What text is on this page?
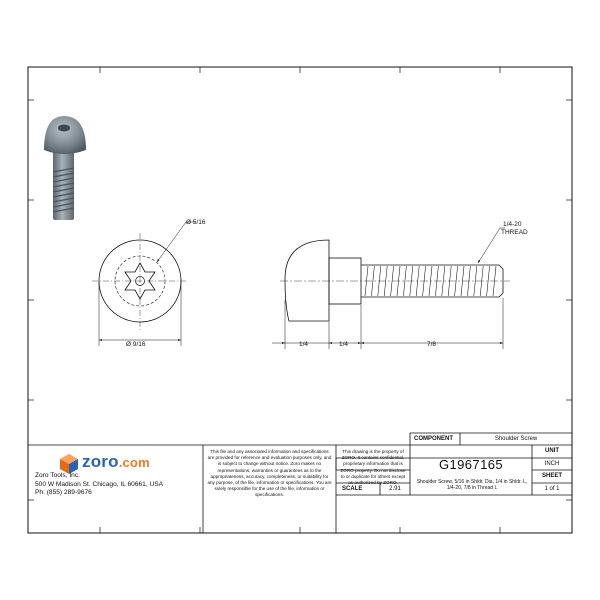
Ø 5/16
Ø 9/16	1/4	1/4	7/8
1/4-20
THREAD
zoro.com
Zoro Tools, Inc.
500 W Madison St. Chicago, IL 60661, USA
Ph: (855) 289-9676
This file and any associated information and specifications are provided for reference and evaluation purposes only, and is subject to change without notice. Zoro makes no representations, warranties or guarantees as to the appropriateness, accuracy, completeness, or suitability for any purpose, of the file, information or specifications. You are solely responsible for the use of the file, information or specifications.
This drawing is the property of ZORO. It contains confidential, proprietary information that is ZORO property. Do not disclose to or duplicate for others except as authorized by ZORO.
COMPONENT	Shoulder Screw
G1967165
Shoulder Screw, 5/16 in Shldr. Dia, 1/4 in Shldr. L, 1/4-20, 7/8 in Thread L
UNIT
INCH
SHEET
1 of 1
SCALE	2.91
